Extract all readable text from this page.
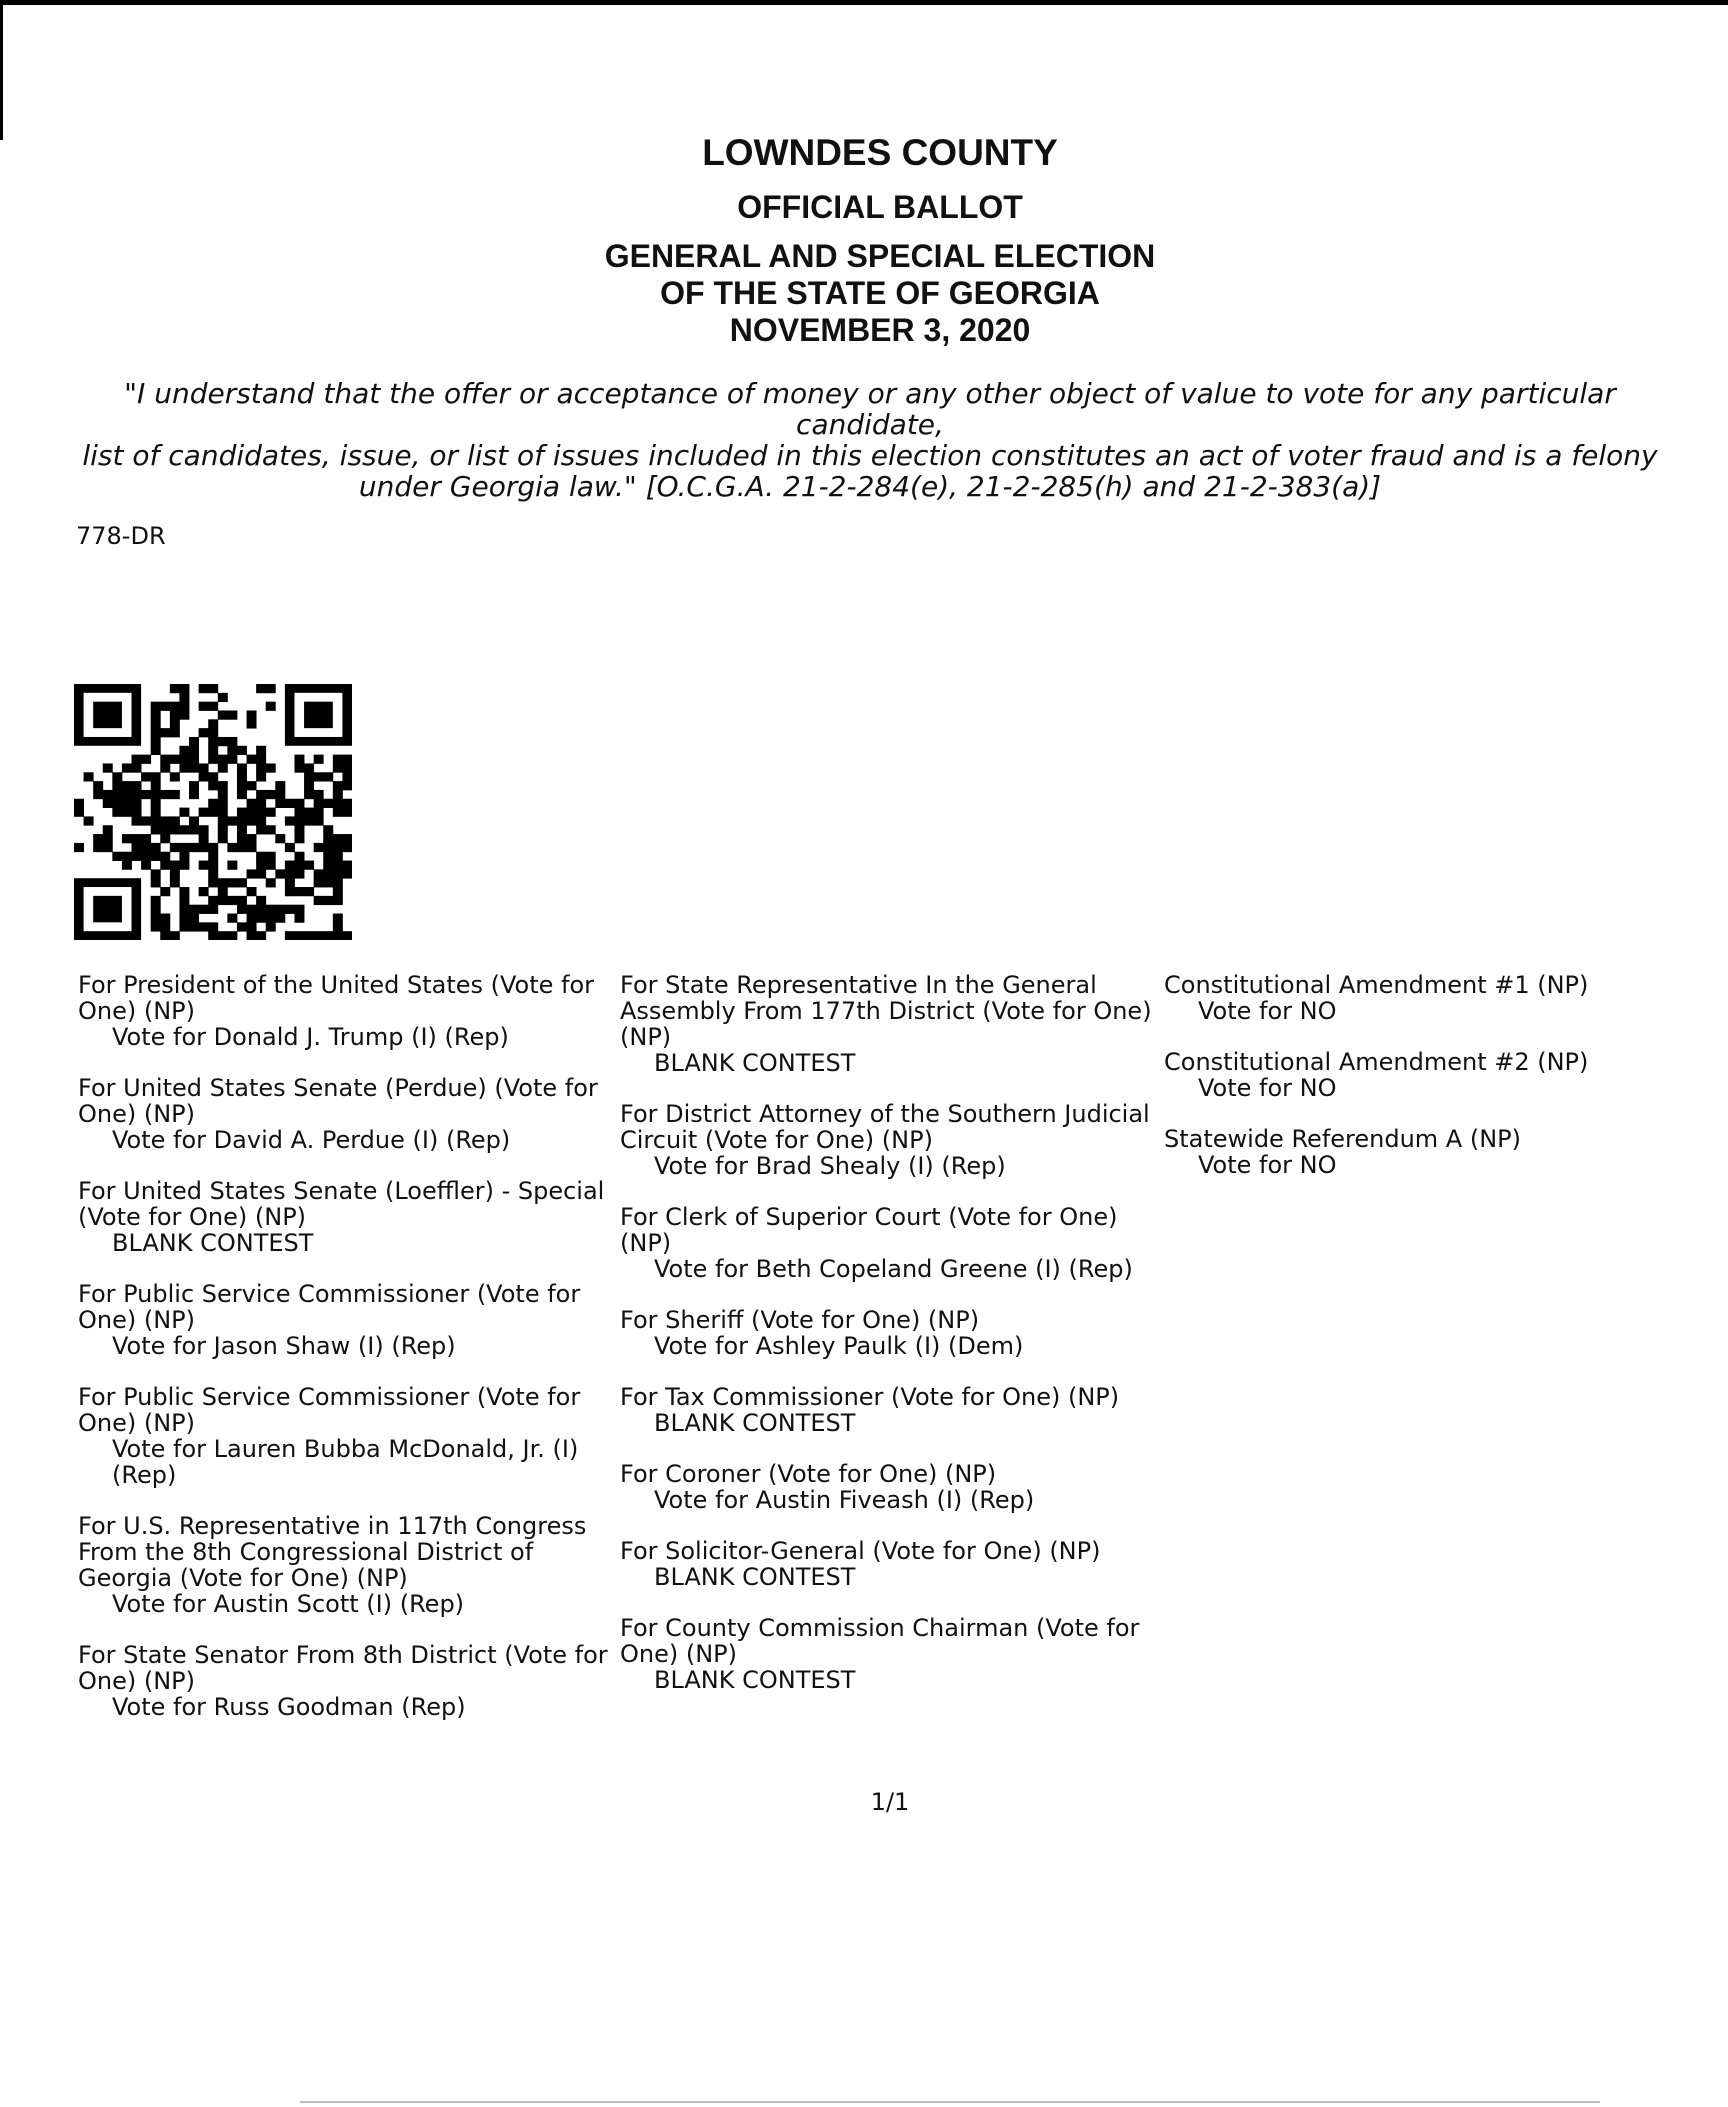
LOWNDES COUNTY
OFFICIAL BALLOT
GENERAL AND SPECIAL ELECTION
OF THE STATE OF GEORGIA
NOVEMBER 3, 2020
"I understand that the offer or acceptance of money or any other object of value to vote for any particular candidate,
list of candidates, issue, or list of issues included in this election constitutes an act of voter fraud and is a felony
under Georgia law." [O.C.G.A. 21-2-284(e), 21-2-285(h) and 21-2-383(a)]
778-DR
For President of the United States (Vote for One) (NP)
Vote for Donald J. Trump (I) (Rep)
For United States Senate (Perdue) (Vote for One) (NP)
Vote for David A. Perdue (I) (Rep)
For United States Senate (Loeffler) - Special (Vote for One) (NP)
BLANK CONTEST
For Public Service Commissioner (Vote for One) (NP)
Vote for Jason Shaw (I) (Rep)
For Public Service Commissioner (Vote for One) (NP)
Vote for Lauren Bubba McDonald, Jr. (I) (Rep)
For U.S. Representative in 117th Congress From the 8th Congressional District of Georgia (Vote for One) (NP)
Vote for Austin Scott (I) (Rep)
For State Senator From 8th District (Vote for One) (NP)
Vote for Russ Goodman (Rep)
For State Representative In the General Assembly From 177th District (Vote for One) (NP)
BLANK CONTEST
For District Attorney of the Southern Judicial Circuit (Vote for One) (NP)
Vote for Brad Shealy (I) (Rep)
For Clerk of Superior Court (Vote for One) (NP)
Vote for Beth Copeland Greene (I) (Rep)
For Sheriff (Vote for One) (NP)
Vote for Ashley Paulk (I) (Dem)
For Tax Commissioner (Vote for One) (NP)
BLANK CONTEST
For Coroner (Vote for One) (NP)
Vote for Austin Fiveash (I) (Rep)
For Solicitor-General (Vote for One) (NP)
BLANK CONTEST
For County Commission Chairman (Vote for One) (NP)
BLANK CONTEST
Constitutional Amendment #1 (NP)
Vote for NO
Constitutional Amendment #2 (NP)
Vote for NO
Statewide Referendum A (NP)
Vote for NO
1/1
